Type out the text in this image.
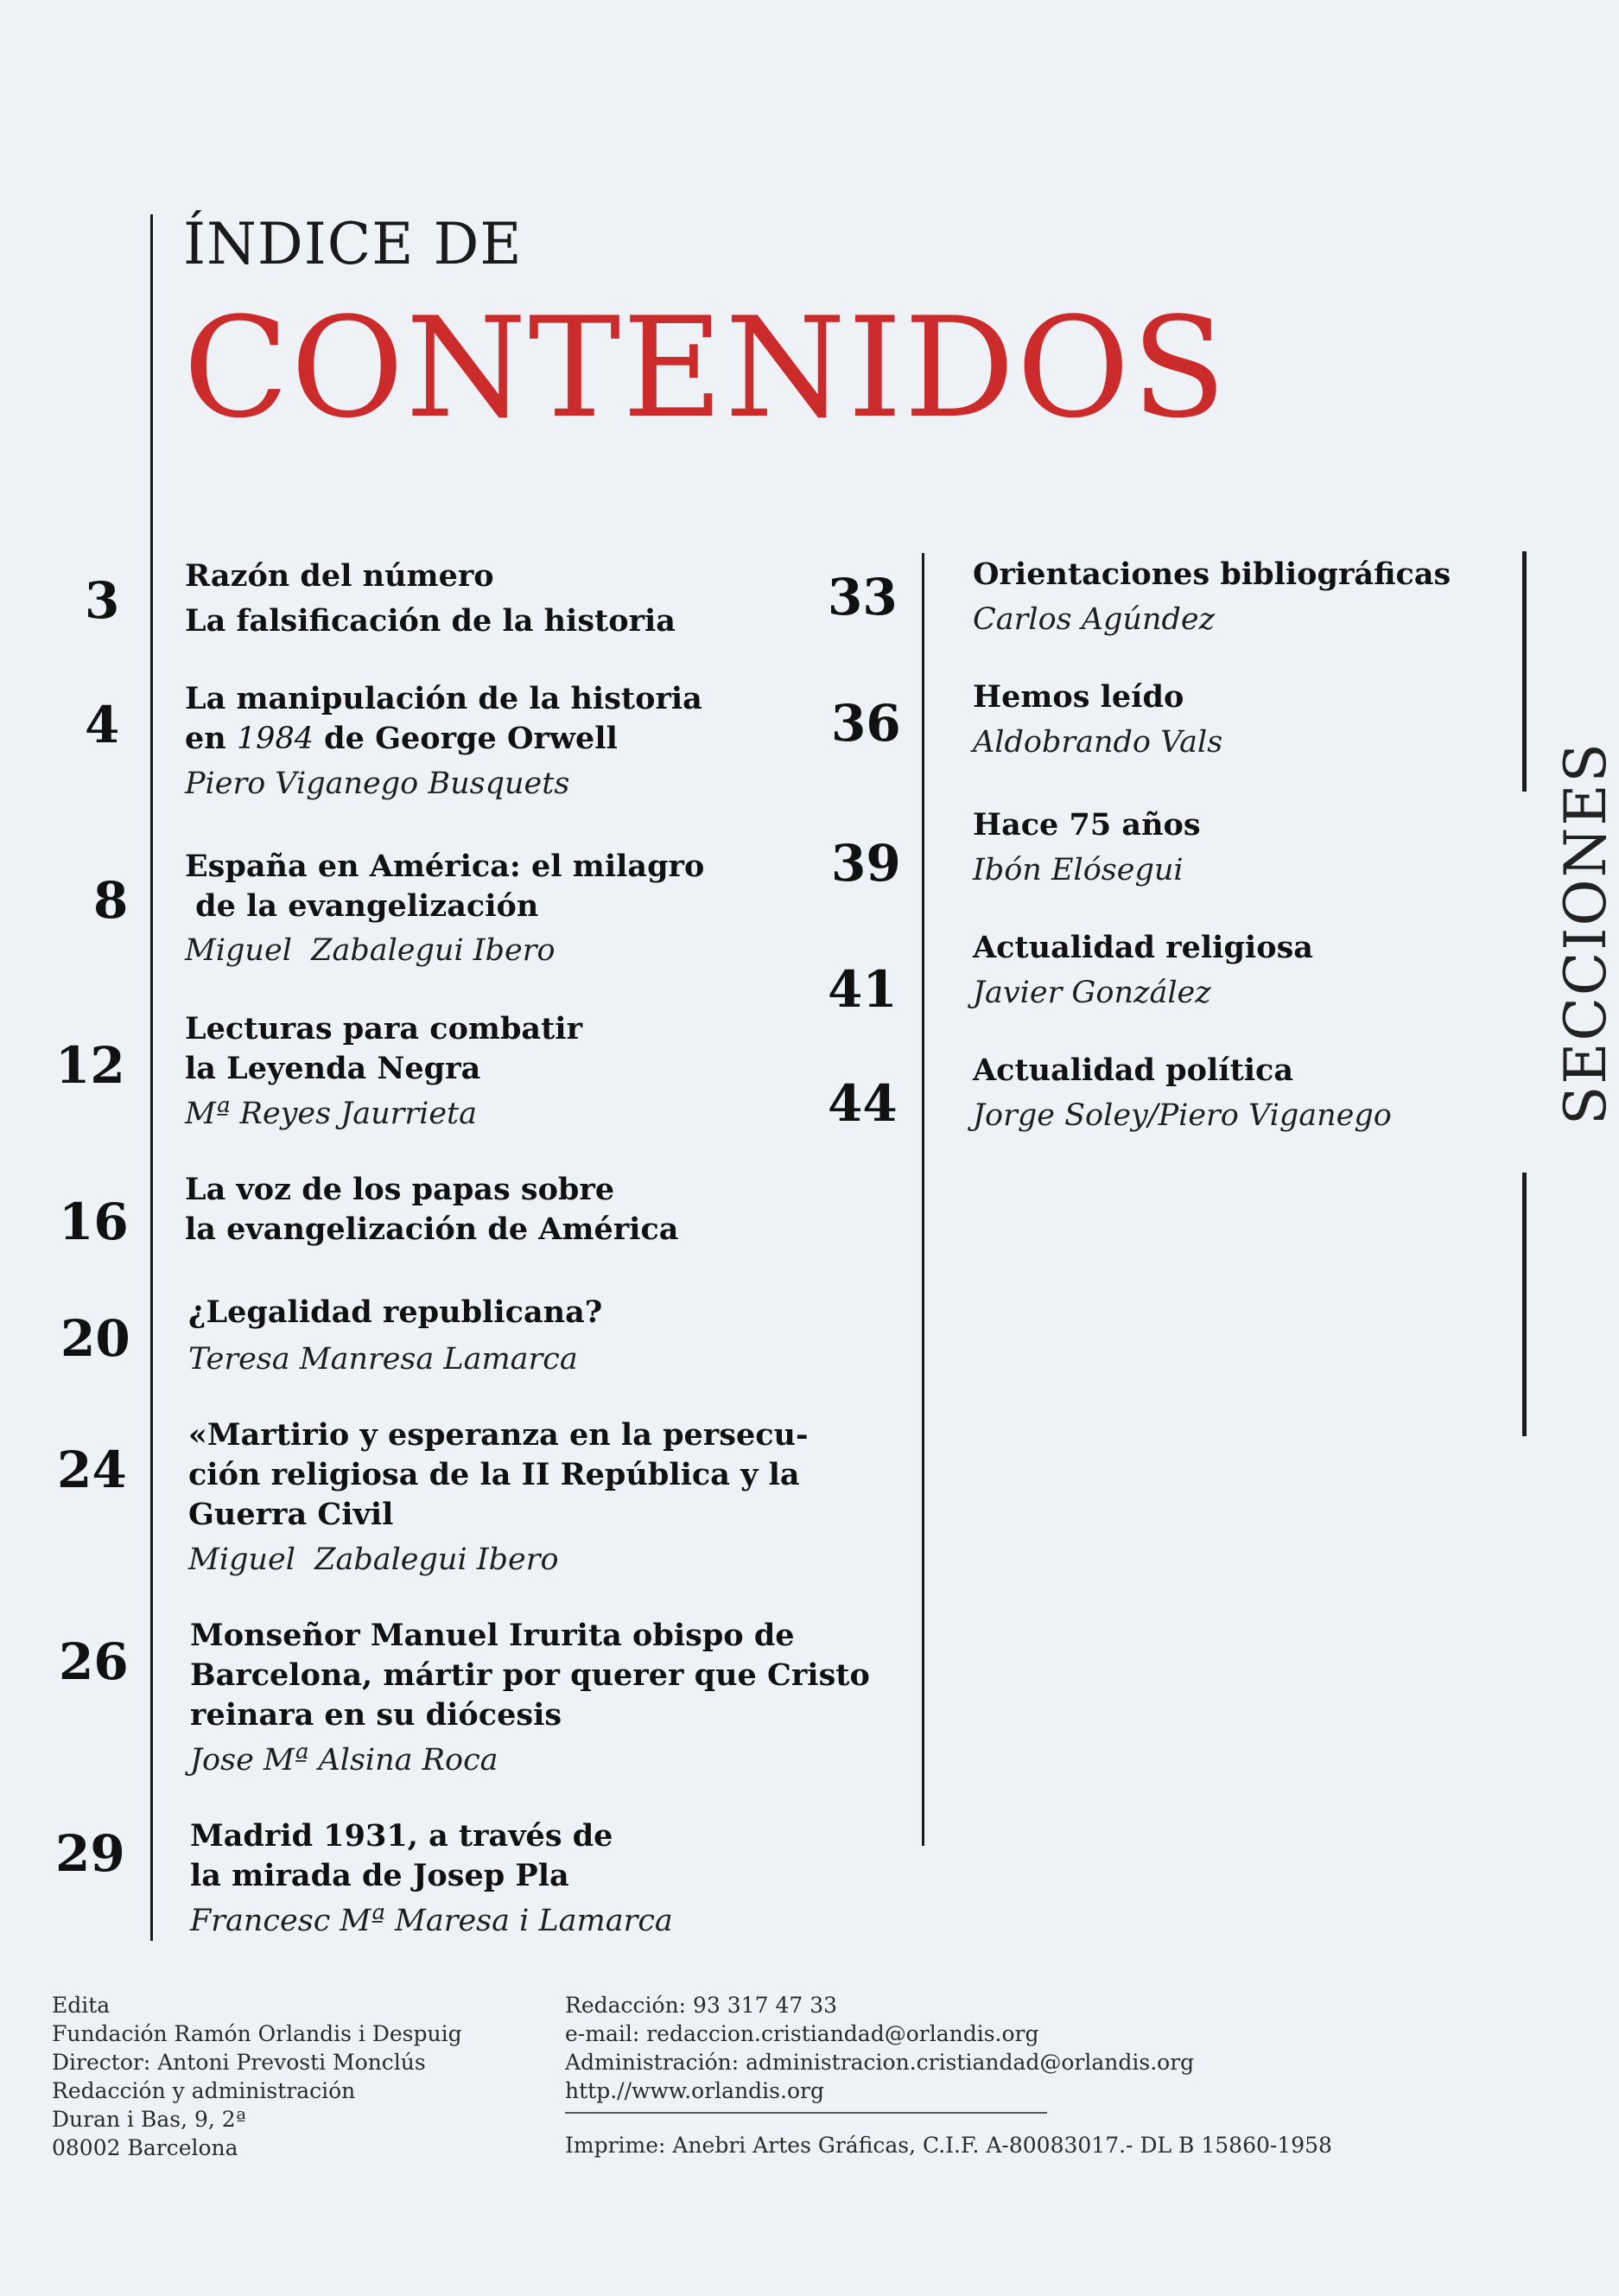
ÍNDICE DE
CONTENIDOS
3 Razón del número
La falsificación de la historia
4 La manipulación de la historia
en 1984 de George Orwell
Piero Viganego Busquets
8
España en América: el milagro
de la evangelización
Miguel  Zabalegui Ibero
12
Lecturas para combatir
la Leyenda Negra
Mª Reyes Jaurrieta
16
La voz de los papas sobre
la evangelización de América
20 ¿Legalidad republicana?
Teresa Manresa Lamarca
24
«Martirio y esperanza en la persecu-
ción religiosa de la II República y la
Guerra Civil
Miguel  Zabalegui Ibero
26 Monseñor Manuel Irurita obispo de
Barcelona, mártir por querer que Cristo
reinara en su diócesis
Jose Mª Alsina Roca
29 Madrid 1931, a través de
la mirada de Josep Pla
Francesc Mª Maresa i Lamarca
33 Orientaciones bibliográficas
Carlos Agúndez
36 Hemos leído
Aldobrando Vals
39
Hace 75 años
Ibón Elósegui
41
Actualidad religiosa
Javier González
44
Actualidad política
Jorge Soley/Piero Viganego	SECCIONES
Edita
Fundación Ramón Orlandis i Despuig
Director: Antoni Prevosti Monclús
Redacción y administración
Duran i Bas, 9, 2ª
08002 Barcelona
Redacción: 93 317 47 33
e-mail: redaccion.cristiandad@orlandis.org
Administración: administracion.cristiandad@orlandis.org
http.//www.orlandis.org
Imprime: Anebri Artes Gráficas, C.I.F. A-80083017.- DL B 15860-1958
